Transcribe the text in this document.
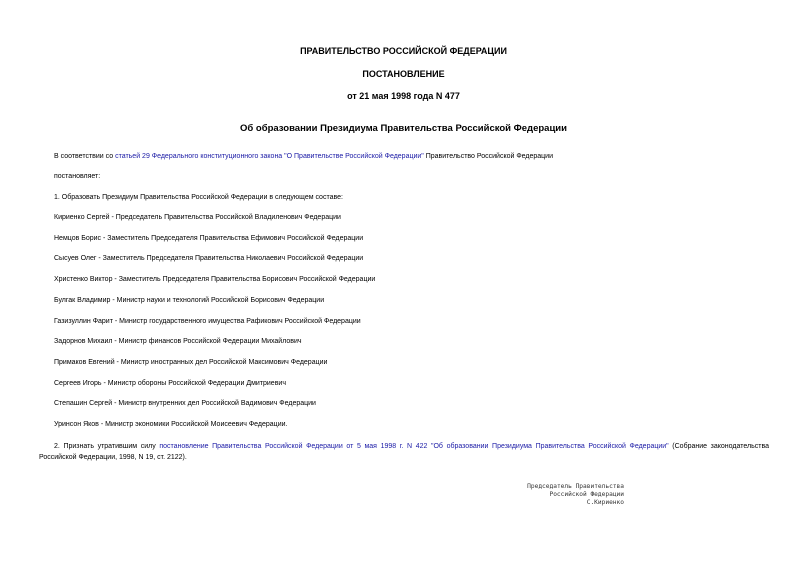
ПРАВИТЕЛЬСТВО РОССИЙСКОЙ ФЕДЕРАЦИИ
ПОСТАНОВЛЕНИЕ
от 21 мая 1998 года N 477
Об образовании Президиума Правительства Российской Федерации
В соответствии со статьей 29 Федерального конституционного закона "О Правительстве Российской Федерации" Правительство Российской Федерации
постановляет:
1. Образовать Президиум Правительства Российской Федерации в следующем составе:
Кириенко Сергей - Председатель Правительства Российской Владиленович Федерации
Немцов Борис - Заместитель Председателя Правительства Ефимович Российской Федерации
Сысуев Олег - Заместитель Председателя Правительства Николаевич Российской Федерации
Христенко Виктор - Заместитель Председателя Правительства Борисович Российской Федерации
Булгак Владимир - Министр науки и технологий Российской Борисович Федерации
Газизуллин Фарит - Министр государственного имущества Рафикович Российской Федерации
Задорнов Михаил - Министр финансов Российской Федерации Михайлович
Примаков Евгений - Министр иностранных дел Российской Максимович Федерации
Сергеев Игорь - Министр обороны Российской Федерации Дмитриевич
Степашин Сергей - Министр внутренних дел Российской Вадимович Федерации
Уринсон Яков - Министр экономики Российской Моисеевич Федерации.
2. Признать утратившим силу постановление Правительства Российской Федерации от 5 мая 1998 г. N 422 "Об образовании Президиума Правительства Российской Федерации" (Собрание законодательства Российской Федерации, 1998, N 19, ст. 2122).
Председатель Правительства
Российской Федерации
С.Кириенко
